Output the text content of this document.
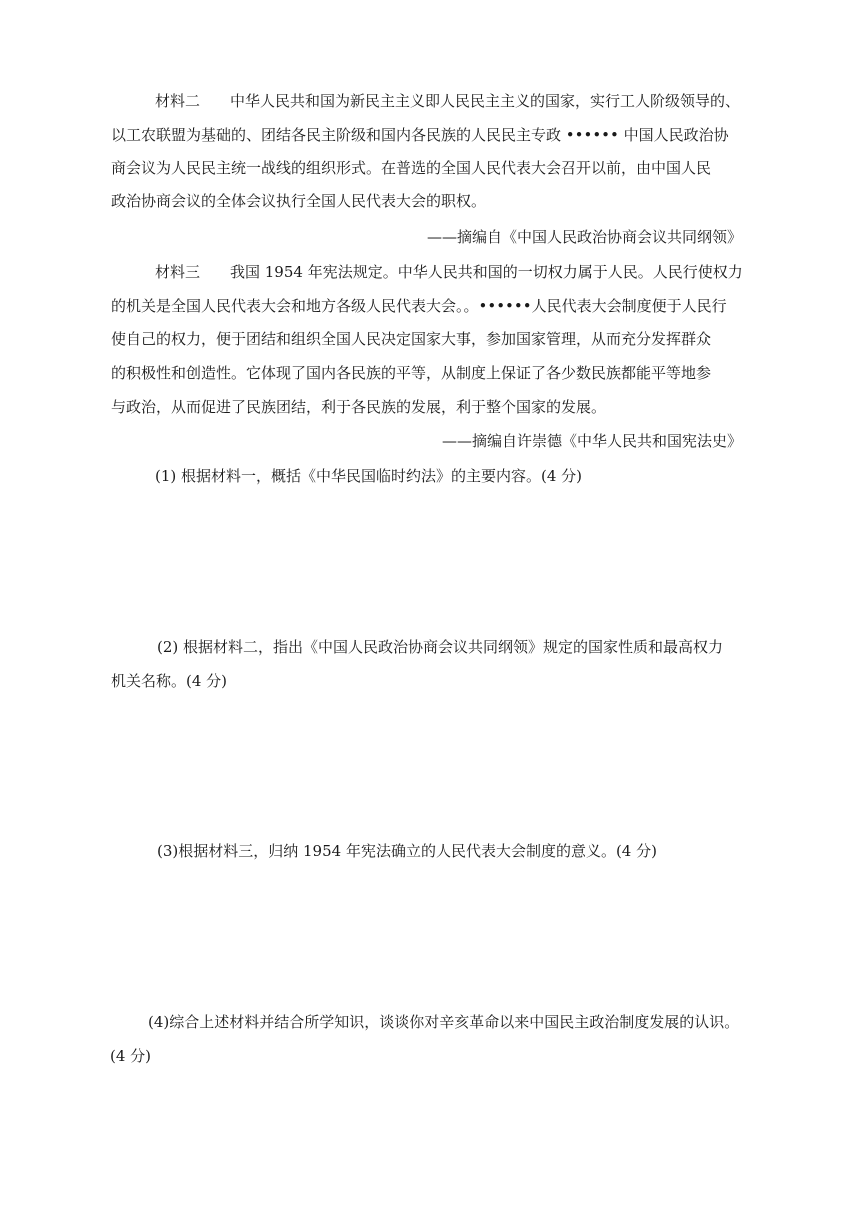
材料二　　中华人民共和国为新民主主义即人民民主主义的国家，实行工人阶级领导的、
以工农联盟为基础的、团结各民主阶级和国内各民族的人民民主专政 •••••• 中国人民政治协
商会议为人民民主统一战线的组织形式。在普选的全国人民代表大会召开以前，由中国人民
政治协商会议的全体会议执行全国人民代表大会的职权。
——摘编自《中国人民政治协商会议共同纲领》
材料三　　我国 1954 年宪法规定。中华人民共和国的一切权力属于人民。人民行使权力
的机关是全国人民代表大会和地方各级人民代表大会。。••••••人民代表大会制度便于人民行
使自己的权力，便于团结和组织全国人民决定国家大事，参加国家管理，从而充分发挥群众
的积极性和创造性。它体现了国内各民族的平等，从制度上保证了各少数民族都能平等地参
与政治，从而促进了民族团结，利于各民族的发展，利于整个国家的发展。
——摘编自许崇德《中华人民共和国宪法史》
(1) 根据材料一，概括《中华民国临时约法》的主要内容。(4 分)
(2) 根据材料二，指出《中国人民政治协商会议共同纲领》规定的国家性质和最高权力
机关名称。(4 分)
(3)根据材料三，归纳 1954 年宪法确立的人民代表大会制度的意义。(4 分)
(4)综合上述材料并结合所学知识，谈谈你对辛亥革命以来中国民主政治制度发展的认识。
(4 分)
